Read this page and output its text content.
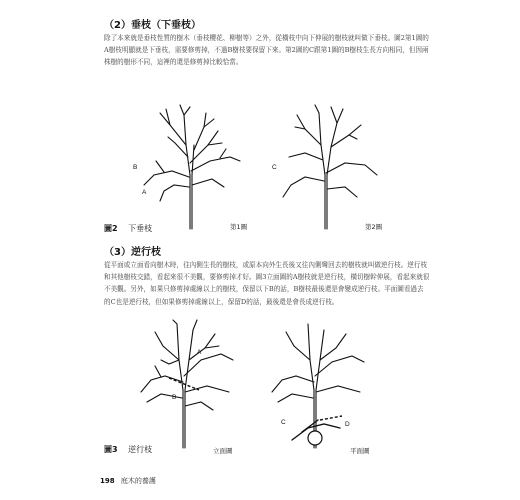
（2）垂枝（下垂枝）
除了本來就是垂枝性質的樹木（垂枝櫻花、柳樹等）之外，從橫枝中向下伸展的樹枝就叫做下垂枝。圖2第1圖的A樹枝明顯就是下垂枝，需要修剪掉，不過B樹枝要保留下來。第2圖的C跟第1圖的B樹枝生長方向相同，但因兩株樹的樹形不同，這裡的還是修剪掉比較恰當。
B
A
第1圖
C
第2圖
圖2 下垂枝
（3）逆行枝
從平面或立面看向樹木時，往內側生長的樹枝，或原本向外生長後又往內側彎回去的樹枝就叫做逆行枝。逆行枝和其他樹枝交錯，看起來很不美觀，要修剪掉才好。圖3立面圖的A樹枝就是逆行枝，橫切樹幹伸展，看起來就很不美觀。另外，如果只修剪掉處線以上的樹枝，保留以下B的話，B樹枝最後還是會變成逆行枝。平面圖看過去的C也是逆行枝，但如果修剪掉處線以上，保留D的話，最後還是會長成逆行枝。
A
B
立面圖
C	D
平面圖
圖3 逆行枝
198 庭木的養護
